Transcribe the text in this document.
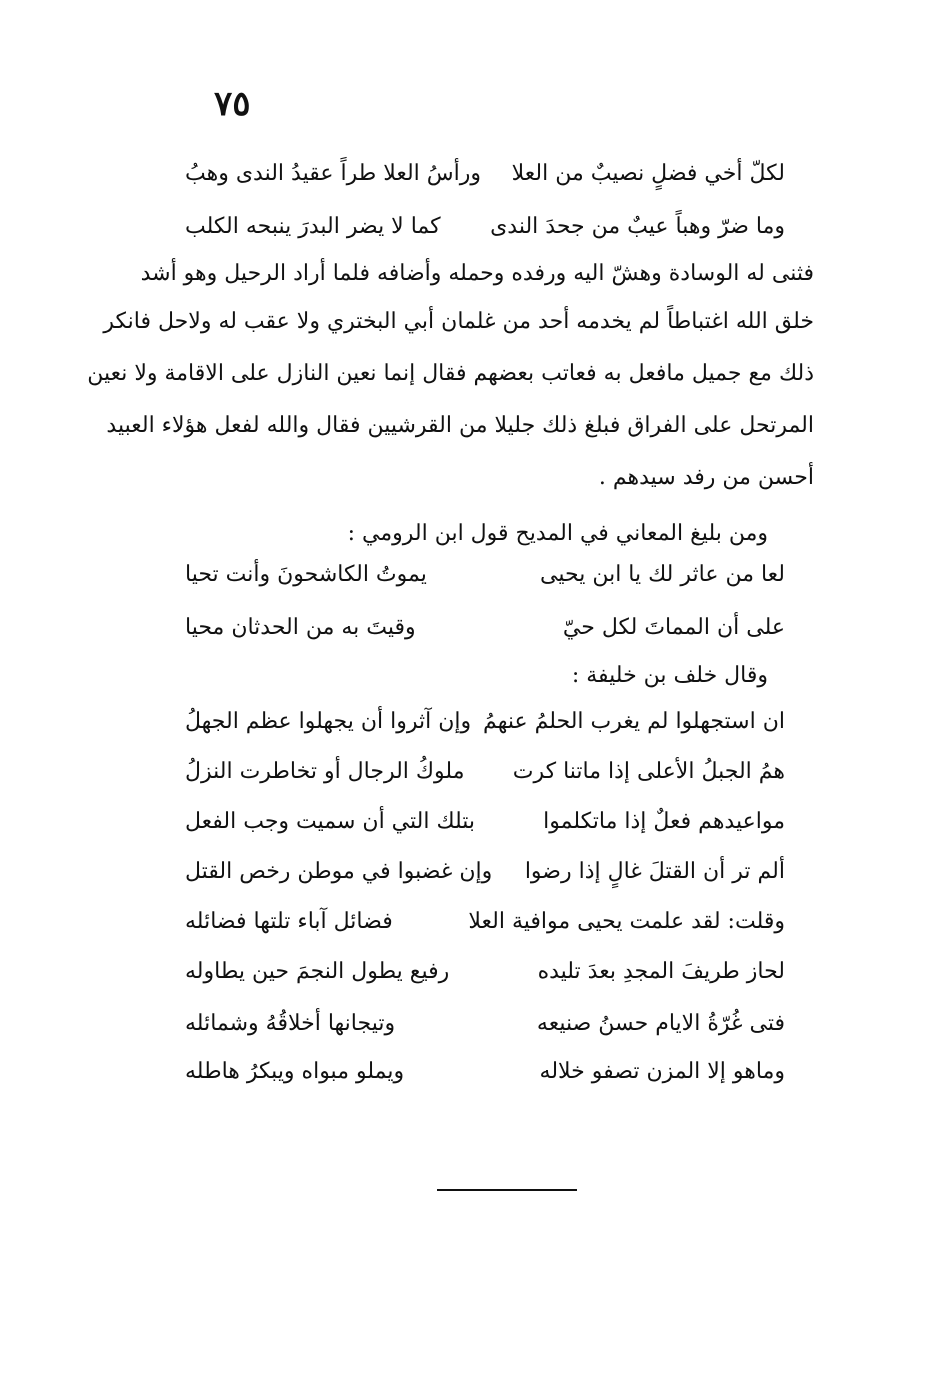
٧٥
لكلّ أخي فضلٍ نصيبٌ من العلا
ورأسُ العلا طراً عقيدُ الندى وهبُ
وما ضرّ وهباً عيبٌ من جحدَ الندى
كما لا يضر البدرَ ينبحه الكلب
فثنى له الوسادة وهشّ اليه ورفده وحمله وأضافه فلما أراد الرحيل وهو أشد
خلق الله اغتباطاً لم يخدمه أحد من غلمان أبي البختري ولا عقب له ولاحل فانكر
ذلك مع جميل مافعل به فعاتب بعضهم فقال إنما نعين النازل على الاقامة ولا نعين
المرتحل على الفراق فبلغ ذلك جليلا من القرشيين فقال والله لفعل هؤلاء العبيد
أحسن من رفد سيدهم .
ومن بليغ المعاني في المديح قول ابن الرومي :
لعا من عاثر لك يا ابن يحيى
يموتُ الكاشحونَ وأنت تحيا
على أن المماتَ لكل حيّ
وقيتَ به من الحدثان محيا
وقال خلف بن خليفة :
ان استجهلوا لم يغرب الحلمُ عنهمُ
وإن آثروا أن يجهلوا عظم الجهلُ
همُ الجبلُ الأعلى إذا ماتنا كرت
ملوكُ الرجال أو تخاطرت النزلُ
مواعيدهم فعلٌ إذا ماتكلموا
بتلك التي أن سميت وجب الفعل
ألم تر أن القتلَ غالٍ إذا رضوا
وإن غضبوا في موطن رخص القتل
وقلت: لقد علمت يحيى موافية العلا
فضائل آباء تلتها فضائله
لحاز طريفَ المجدِ بعدَ تليده
رفيع يطول النجمَ حين يطاوله
فتى غُرّةُ الايام حسنُ صنيعه
وتيجانها أخلاقُهُ وشمائله
وماهو إلا المزن تصفو خلاله
ويملو مبواه ويبكرُ هاطله
